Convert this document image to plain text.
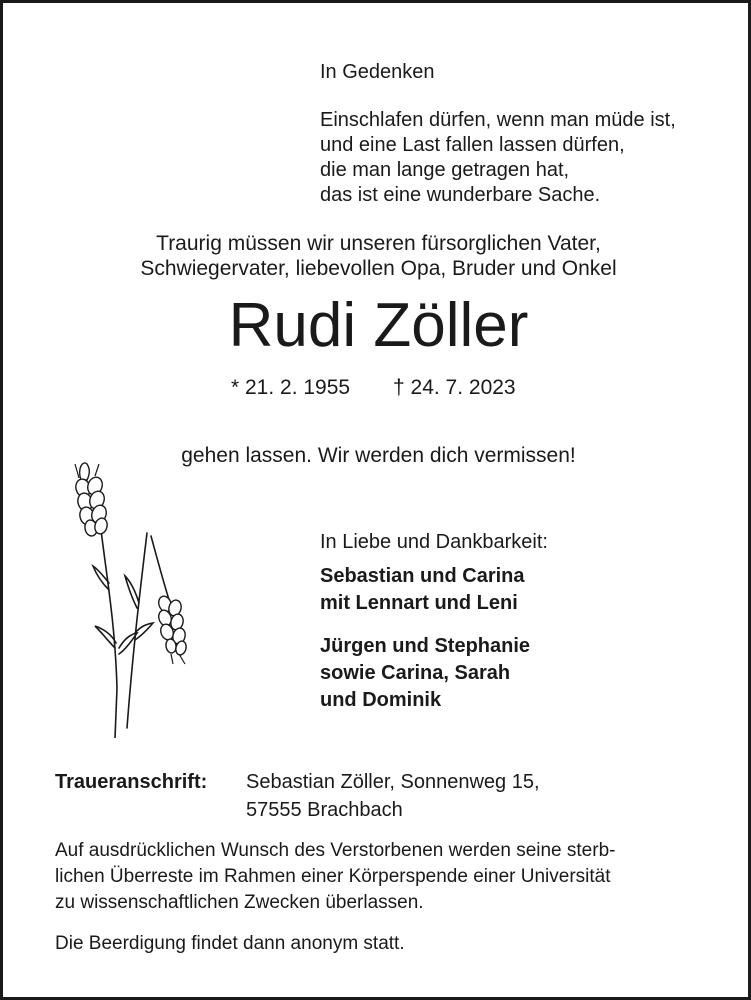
In Gedenken
Einschlafen dürfen, wenn man müde ist,
und eine Last fallen lassen dürfen,
die man lange getragen hat,
das ist eine wunderbare Sache.
Traurig müssen wir unseren fürsorglichen Vater,
Schwiegervater, liebevollen Opa, Bruder und Onkel
Rudi Zöller
* 21. 2. 1955 † 24. 7. 2023
gehen lassen. Wir werden dich vermissen!
In Liebe und Dankbarkeit:
Sebastian und Carina
mit Lennart und Leni
Jürgen und Stephanie
sowie Carina, Sarah
und Dominik
Traueranschrift: Sebastian Zöller, Sonnenweg 15,
57555 Brachbach
Auf ausdrücklichen Wunsch des Verstorbenen werden seine sterb-
lichen Überreste im Rahmen einer Körperspende einer Universität
zu wissenschaftlichen Zwecken überlassen.
Die Beerdigung findet dann anonym statt.
